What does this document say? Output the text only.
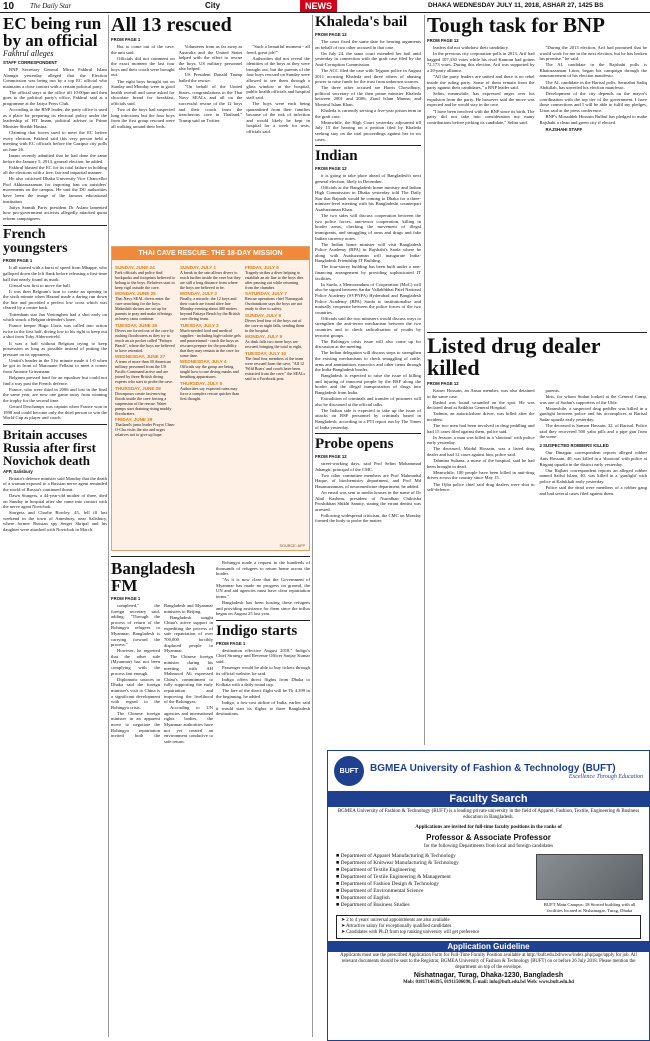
10 The Daily Star	City	NEWS	DHAKA WEDNESDAY JULY 11, 2018, ASHAR 27, 1425 BS
EC being run by an official
Fakhrul alleges
STAFF CORRESPONDENT

BNP Secretary General Mirza Fakhrul Islam Alamgir yesterday alleged that the Election Commission was being run by a top EC official who maintains a close contact with a certain political party.

The official stays at the office till 10:00pm and then goes to the political party's office, Fakhrul said at a programme at the Jatiya Press Club.

According to the BNP leader, the party office is used as a place for preparing its electoral policy under the leadership of HT Imam, political adviser to Prime Minister Sheikh Hasina.

Claiming that forces used to meet the EC before every election, Fakhrul said this very person held a meeting with EC officials before the Gazipur city polls on June 26.

Imam recently admitted that he had done the same before the January 5, 2014, general election, he added.

Fakhrul blasted the EC for its total failure in holding all the elections with a free, fair and impartial manner.

He also criticised Dhaka University Vice Chancellor Prof Akhtaruzzaman for imposing ban on outsiders' movements on the campus. He said the DU authorities have been the image of the famous educational institution.

Jatiya Sramik Party president Dr Aslam lamented how pro-government activists allegedly attacked quota reform campaigners.

French youngsters
FROM PAGE 1

It all started with a burst of speed from Mbappe, who galloped down the left flank before releasing a first-time ball that nearly found its mark.

Giroud was first to move the ball.

It was then Belgium's turn to create an opening in the sixth minute when Hazard made a daring run down the line and provided a perfect low cross which was cleared by a centre back.

Tottenham star Jan Vertonghen had a shot early on which struck a Belgian defender's knee.

France keeper Hugo Lloris was called into action twice in the first half, diving low to his right to keep out a shot from Toby Alderweireld.

It was a half without Belgium trying to keep possession as long as possible instead of putting the pressure on its opponents.

Umtiti's header in the 51st minute made it 1-0 when he got in front of Marouane Fellaini to meet a corner from Antoine Griezmann.

Belgium pressed hard for an equaliser but could not find a way past the French defence.

France, who were third in 2006 and lost in the final the same year, are now one game away from winning the trophy for the second time.

Gerard Deschamps was captain when France won in 1998 and could become only the third person to win the World Cup as player and coach.

Britain accuses Russia after first Novichok death
AFP, Salisbury

Britain's defence minister said Monday that the death of a woman exposed to a Russian nerve agent reminded the world of Russia's continued threat.

Dawn Sturgess, a 44-year-old mother of three, died on Sunday in hospital after she came into contact with the nerve agent Novichok.

Sturgess and Charlie Rowley, 45, fell ill last weekend in the town of Amesbury, near Salisbury, where former Russian spy Sergei Skripal and his daughter were attacked with Novichok in March.

All 13 rescued
FROM PAGE 1

But to come out of the cave, the unit said.

Officials did not comment on the exact moment the last four boys and their coach were brought out.

The eight boys brought out on Sunday and Monday were in good health overall and some asked for chocolate bread for breakfast, officials said.

Two of the boys had suspected lung infections but the four boys from the first group rescued were all walking around their beds.

Volunteers from as far away as Australia and the United States helped with the effort to rescue the boys. US military personnel also helped.

US President Donald Trump hailed the rescue:

"On behalf of the United States, congratulations to the Thai Navy SEALs and all on the successful rescue of the 12 boys and their coach from the treacherous cave in Thailand," Trump said on Twitter.

"Such a beautiful moment - all freed, great job!"

Authorities did not reveal the identities of the boys as they were brought out, but the parents of the four boys rescued on Sunday were allowed to see them through a glass window at the hospital, public health officials and hospital staff said.

The boys were each being quarantined from their families because of the risk of infection and would likely be kept in hospital for a week for tests, officials said.

THAI CAVE RESCUE: THE 18-DAY MISSION
SUNDAY, JUNE 24
Park officials and police find backpacks and footprints believed to belong to the boys. Relatives start to keep vigil outside the cave.
MONDAY, JUNE 25
Thai Navy SEAL divers enter the cave searching for the boys. Makeshift shrines are set up for parents to pray and make offerings as heavy rains continue.
TUESDAY, JUNE 26
Divers are forced out of the cave by rushing floodwaters as they try to reach an air pocket called "Pattaya Beach", where the boys are believed to have retreated.
WEDNESDAY, JUNE 27
A team of more than 30 American military personnel from the US Pacific Command arrive and are joined by three British diving experts who start to probe the cave.
THURSDAY, JUNE 28
Downpours create fast-moving floods inside the cave forcing a suspension of the rescue. Water pumps start draining rising muddy floodwaters.
FRIDAY, JUNE 29
Thailand's junta leader Prayut Chan-O-Cha visits the site and urges relatives not to give up hope.
SUNDAY, JULY 1
A break in the rain allows divers to reach further inside the cave but they are still a long distance from where the boys are believed to be.
MONDAY, JULY 2
Finally, a miracle: the 12 boys and their coach are found alive late Monday evening about 400 metres beyond Pattaya Beach by the British cave diving team.
TUESDAY, JULY 3
Much-needed food and medical supplies - including high-calorie gels and paracetamol - reach the boys as rescuers prepare for the possibility that they may remain in the cave for some time.
WEDNESDAY, JULY 4
Officials say the group are being taught how to use diving masks and breathing apparatuses.
THURSDAY, JULY 5
Authorities say expected rains may force a complex rescue quicker than first thought.
FRIDAY, JULY 6
Tragedy strikes a diver helping to establish an air line to the boys dies after passing out while returning from the chamber.
SATURDAY, JULY 7
Rescue operations chief Narongsak Osottanakorn says the boys are not ready to dive to safety.
SUNDAY, JULY 8
Divers lead four of the boys out of the cave in night falls, sending them to the hospital.
MONDAY, JULY 9
As dusk falls two more boys are rescued, bringing the total to eight.
TUESDAY, JULY 10
The final four members of the team were rescued from the cave, "All 12 'Wild Boars' and coach have been extracted from the cave," the SEALs said in a Facebook post.
SOURCE: AFP
Bangladesh FM
FROM PAGE 1

completed," the foreign secretary said, adding, "Through the process of return of the Rohingya refugees to Myanmar, Bangladesh is carrying forward the process."

However, he regretted that the other side (Myanmar) has not been complying with the process fast enough.

Diplomatic sources in Dhaka said the foreign minister's visit to China is a significant development with regard to the Rohingya crisis.

The Chinese foreign minister in an apparent move to negotiate the Rohingya repatriation invited both the Bangladesh and Myanmar ministers to Beijing.

Bangladesh sought China's active support in expediting the process of safe repatriation of over 700,000 forcibly displaced people to Myanmar.

The Chinese foreign minister during his meeting with AH Mahmood Ali expressed China's commitment to fully supporting the early repatriation and improving the livelihood of the Rohingyas.

According to UN agencies and international rights bodies, the Myanmar authorities have not yet created an environment conducive to safe return.

Rohingya made a request to the hundreds of thousands of refugees to return home across the border.

"As it is now clear that the Government of Myanmar has made no progress on ground, the UN and aid agencies must have clear repatriation terms."

Bangladesh has been hosting these refugees and providing assistance for them since the influx began on August 25 last year.

Indigo starts
FROM PAGE 1

destination effective August 2018," Indigo's Chief Strategy and Revenue Officer Sanjay Kumar said.

Passenger would be able to buy tickets through its official website, he said.

Indigo offers direct flights from Dhaka to Kolkata with a daily round trip.

The fare of the direct flight will be Tk 4,399 in the beginning, he added.

Indigo, a low-cost airline of India, earlier said it would start its flights to three Bangladesh destinations.

Khaleda's bail
FROM PAGE 12

The court fixed the same date for hearing arguments on behalf of two other accused in that case.

On July 24, the same court extended her bail until yesterday in connection with the graft case filed by the Anti-Corruption Commission.

The ACC filed the case with Tejgaon police in August 2011 accusing Khaleda and three others of abusing power to raise funds for the trust from unknown sources.

The three other accused are Harris Chowdhury, political secretary of the then prime minister Khaleda between 2001 and 2006; Ziaul Islam Munna; and Monirul Islam Khan.

Khaleda is currently serving a five-year prison term in the graft case.

Meanwhile, the High Court yesterday adjourned till July 15 the hearing on a petition filed by Khaleda seeking stay on the trial proceedings against her in six cases.

Indian
FROM PAGE 12

it is going to take place ahead of Bangladesh's next general election, likely in December.

Officials at the Bangladesh home ministry and Indian High Commission in Dhaka yesterday told The Daily Star that Rajnath would be coming to Dhaka for a three-minister-level meeting with his Bangladeshi counterpart Asaduzzaman Khan.

The two sides will discuss cooperation between the two police forces, anti-terror cooperation, killing in border areas, checking the movement of illegal immigrants, and smuggling of arms and drugs and fake Indian currency notes.

The Indian home minister will visit Bangladesh Police Academy (BPA) in Rajshahi's Sarda where he along with Asaduzzaman will inaugurate India-Bangladesh Friendship IT Building.

The four-storey building has been built under a non-financing arrangement by providing sophisticated IT facilities.

In Sarda, a Memorandum of Cooperation (MoC) will also be signed between Sardar Vallabhbhai Patel National Police Academy (SVPNPA) Hyderabad and Bangladesh Police Academy (BPA) Sarda to institutionalise and mutually cooperate between the police forces of the two countries.

Officials said the two ministers would discuss ways to strengthen the anti-terror mechanism between the two countries and to check radicalisation of youths by terrorist groups.

The Rohingya crisis issue will also come up for discussion at the meeting.

The Indian delegation will discuss steps to strengthen the existing mechanisms to check smuggling of cattle, arms and ammunition, narcotics and other items through the India-Bangladesh border.

Bangladesh is expected to raise the issue of killing and injuring of innocent people by the BSF along the border and the illegal transportation of drugs into Bangladesh from India.

Extradition of criminals and transfer of prisoners will also be discussed at the official talks.

The Indian side is expected to take up the issue of attacks on BSF personnel by criminals based in Bangladesh, according to a PTI report run by The Times of India yesterday.

Probe opens
FROM PAGE 12

street-working days, said Prof Selim Mohammad Jahangir, principal of the CMC.

Two other committee members are Prof Mahmudul Haque, of biochemistry department, and Prof Md Hasanuzzaman, of neuromedicine department, he added.

An email was sent to media houses in the name of Dr Abul Kashem, president of Nurodhan Chikitsha Proshikhan Shikhi Samity, stating the errant dentist was arrested.

Following widespread criticism, the CMC on Monday formed the body to probe the matter.

Tough task for BNP
FROM PAGE 12

leaders did not withdraw their candidacy.

In the previous city corporation polls in 2013, Arif had bagged 107,330 votes while his rival Kamran had gotten 72,173 votes. During this election, Arif was supported by a 20-party alliance.

"All the party leaders are united and there is no rebel inside the ruling party. Some of them remain from the party against their candidates," a BNP leader said.

Selim, meanwhile, has expressed anger over his expulsion from the party. He however said the move was expected and he would stay in the race.

"I have been involved with the BNP since its birth. The party did not take into consideration my many contributions before picking its candidate," Selim said.

"During the 2013 election, Arif had promised that he would work for me in the next election, but he has broken his promise," he said.

The AL candidate in the Rajshahi polls is Khairuzzaman Liton, began his campaign through the announcement of his election manifesto.

The AL candidate in the Barisal polls, Serniabat Sadiq Abdullah, has unveiled his election manifesto.

Development of the city depends on the mayor's coordination with the top tier of the government. I have those connections and I will be able to fulfil my pledges, Liton said at the press conference.

BNP's Mosaddek Hossain Bulbul has pledged to make Rajshahi a clean and green city if elected.

RAJSHAHI STAFF

Listed drug dealer killed
FROM PAGE 12

Kaiser Hossain, an Ansar member, was also detained in the same case.

Rashid was found wounded on the spot. He was declared dead at Satkhira General Hospital.

Tadmin, an autorickshaw driver, was killed after the incident.

The two men had been involved in drug peddling and had 15 cases filed against them, police said.

In Jessore, a man was killed in a 'shootout' with police early yesterday.

The deceased, Mridul Hossain, was a listed drug dealer and had 12 cases against him, police said.

Tahmina Sultana, a nurse of the hospital, said he had been brought in dead.

Meanwhile, 100 people have been killed in anti-drug drives across the country since May 15.

The Ojha police chief said drug dealers were shot in self-defence.

parents.

Idris, for whom Sudan looked at the General Camp, was one of Sudan's supporters of the Uble.

Meanwhile, a suspected drug peddler was killed in a gunfight between police and his accomplices at Barisal Sadar upazila early yesterday.

The deceased is Sumon Hossain, 32, of Barisal. Police said they recovered 500 yaba pills and a pipe gun from the scene.

2 SUSPECTED ROBBERS KILLED

Our Dinajpur correspondent reports alleged robber Anis Hossain, 40, was killed in a 'shootout' with police at Birganj upazila in the district early yesterday.

Our Rajbari correspondent reports an alleged robber named Saiful Islam, 40, was killed in a 'gunfight' with police at Kalukhali early yesterday.

Police said the dead were members of a robber gang and had several cases filed against them.

BUFT	BGMEA University of Fashion & Technology (BUFT)
Excellence Through Education
Faculty Search
BGMEA University of Fashion & Technology (BUFT) is a leading private university in the field of Apparel, Fashion, Textile, Engineering & Business education in Bangladesh.
Applications are invited for full-time faculty positions in the ranks of
Professor & Associate Professor
for the following Departments from local and foreign candidates
■ Department of Apparel Manufacturing & Technology
■ Department of Knitwear Manufacturing & Technology
■ Department of Textile Engineering
■ Department of Textile Engineering & Management
■ Department of Fashion Design & Technology
■ Department of Environmental Science
■ Department of English
■ Department of Business Studies	BUFT Main Campus: 18 Storied building with all facilities located at Nishatnagar, Turag, Dhaka
➤ 2 to 4 years' universal appointments are also available
➤ Attractive salary for exceptionally qualified candidates
➤ Candidates with Ph.D from top ranking university will get preference
Application Guideline
Applicants must use the prescribed Application Form for Full-Time Faculty Position available at http://buft.edu.bd/www/index.php/page/apply for job. All relevant documents should be sent to the Registrar, BGMEA University of Fashion & Technology (BUFT) on or before 26 July 2018. Please mention the department on top of the envelope.
Nishatnagar, Turag, Dhaka-1230, Bangladesh
Mob: 01817146395, 01911506690, E-mail: info@buft.edu.bd Web: www.buft.edu.bd
